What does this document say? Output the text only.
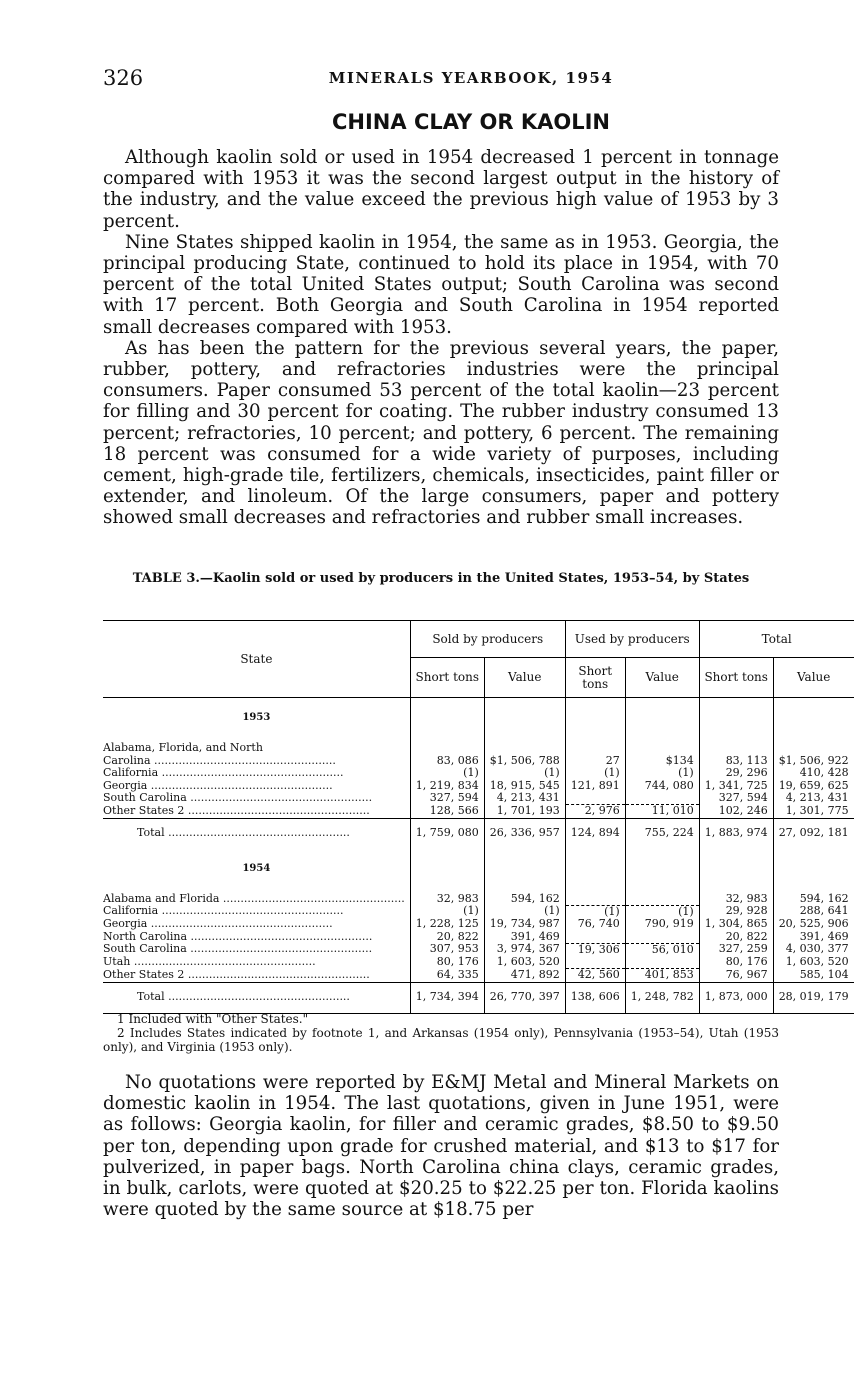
326	MINERALS YEARBOOK, 1954
CHINA CLAY OR KAOLIN

Although kaolin sold or used in 1954 decreased 1 percent in tonnage compared with 1953 it was the second largest output in the history of the industry, and the value exceed the previous high value of 1953 by 3 percent.

Nine States shipped kaolin in 1954, the same as in 1953. Georgia, the principal producing State, continued to hold its place in 1954, with 70 percent of the total United States output; South Carolina was second with 17 percent. Both Georgia and South Carolina in 1954 reported small decreases compared with 1953.

As has been the pattern for the previous several years, the paper, rubber, pottery, and refractories industries were the principal consumers. Paper consumed 53 percent of the total kaolin—23 percent for filling and 30 percent for coating. The rubber industry consumed 13 percent; refractories, 10 percent; and pottery, 6 percent. The remaining 18 percent was consumed for a wide variety of purposes, including cement, high-grade tile, fertilizers, chemicals, insecticides, paint filler or extender, and linoleum. Of the large consumers, paper and pottery showed small decreases and refractories and rubber small increases.

TABLE 3.—Kaolin sold or used by producers in the United States, 1953–54, by States
State	Sold by producers		Used by producers		Total	
	Short tons	Value	Short tons	Value	Short tons	Value
1953						
Alabama, Florida, and North						
Carolina .....	83, 086	$1, 506, 788	27	$134	83, 113	$1, 506, 922
California .....	(1)	(1)	(1)	(1)	29, 296	410, 428
Georgia .....	1, 219, 834	18, 915, 545	121, 891	744, 080	1, 341, 725	19, 659, 625
South Carolina .....	327, 594	4, 213, 431			327, 594	4, 213, 431
Other States 2 .....	128, 566	1, 701, 193	2, 976	11, 010	102, 246	1, 301, 775
Total .....	1, 759, 080	26, 336, 957	124, 894	755, 224	1, 883, 974	27, 092, 181
1954						
Alabama and Florida .....	32, 983	594, 162			32, 983	594, 162
California .....	(1)	(1)	(1)	(1)	29, 928	288, 641
Georgia .....	1, 228, 125	19, 734, 987	76, 740	790, 919	1, 304, 865	20, 525, 906
North Carolina .....	20, 822	391, 469			20, 822	391, 469
South Carolina .....	307, 953	3, 974, 367	19, 306	56, 010	327, 259	4, 030, 377
Utah .....	80, 176	1, 603, 520			80, 176	1, 603, 520
Other States 2 .....	64, 335	471, 892	42, 560	401, 853	76, 967	585, 104
Total .....	1, 734, 394	26, 770, 397	138, 606	1, 248, 782	1, 873, 000	28, 019, 179

1 Included with "Other States."

2 Includes States indicated by footnote 1, and Arkansas (1954 only), Pennsylvania (1953–54), Utah (1953 only), and Virginia (1953 only).

No quotations were reported by E&MJ Metal and Mineral Markets on domestic kaolin in 1954. The last quotations, given in June 1951, were as follows: Georgia kaolin, for filler and ceramic grades, $8.50 to $9.50 per ton, depending upon grade for crushed material, and $13 to $17 for pulverized, in paper bags. North Carolina china clays, ceramic grades, in bulk, carlots, were quoted at $20.25 to $22.25 per ton. Florida kaolins were quoted by the same source at $18.75 per
